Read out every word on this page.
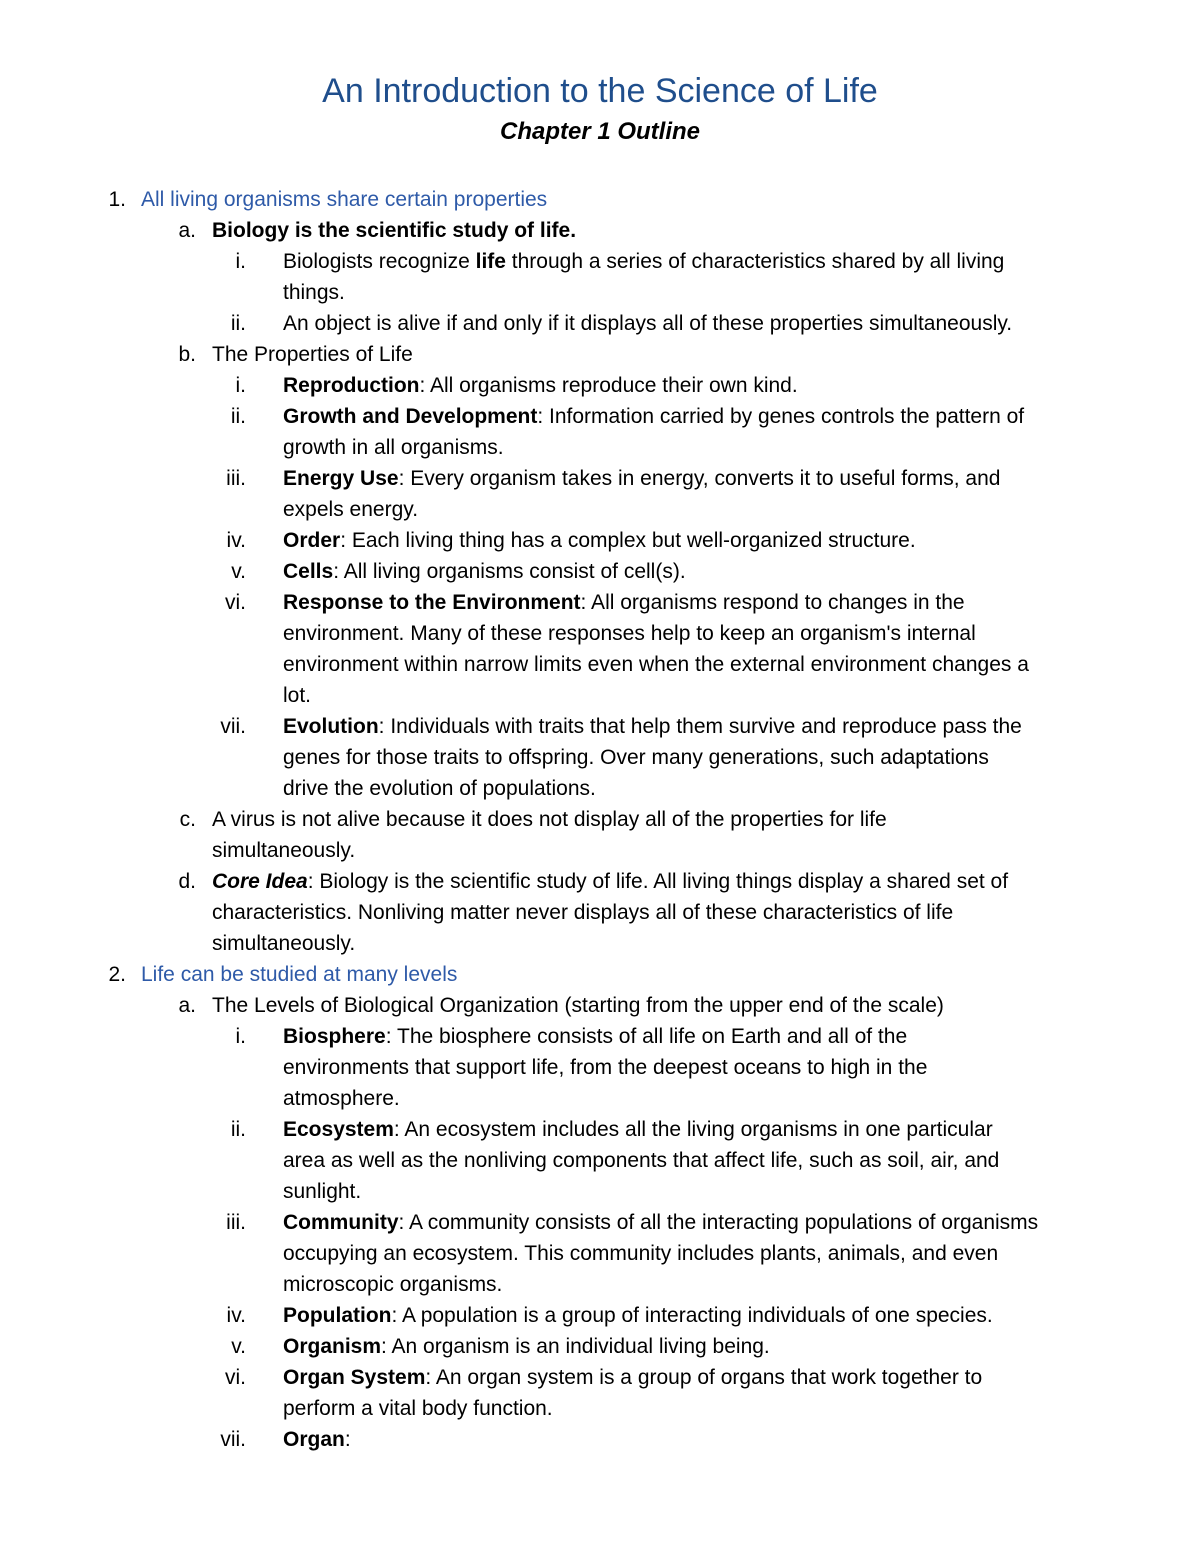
An Introduction to the Science of Life
Chapter 1 Outline
1. All living organisms share certain properties
a. Biology is the scientific study of life.
i. Biologists recognize life through a series of characteristics shared by all living
things.
ii. An object is alive if and only if it displays all of these properties simultaneously.
b. The Properties of Life
i. Reproduction: All organisms reproduce their own kind.
ii. Growth and Development: Information carried by genes controls the pattern of
growth in all organisms.
iii. Energy Use: Every organism takes in energy, converts it to useful forms, and
expels energy.
iv. Order: Each living thing has a complex but well-organized structure.
v. Cells: All living organisms consist of cell(s).
vi. Response to the Environment: All organisms respond to changes in the
environment. Many of these responses help to keep an organism's internal
environment within narrow limits even when the external environment changes a
lot.
vii. Evolution: Individuals with traits that help them survive and reproduce pass the
genes for those traits to offspring. Over many generations, such adaptations
drive the evolution of populations.
c. A virus is not alive because it does not display all of the properties for life
simultaneously.
d. Core Idea: Biology is the scientific study of life. All living things display a shared set of
characteristics. Nonliving matter never displays all of these characteristics of life
simultaneously.
2. Life can be studied at many levels
a. The Levels of Biological Organization (starting from the upper end of the scale)
i. Biosphere: The biosphere consists of all life on Earth and all of the
environments that support life, from the deepest oceans to high in the
atmosphere.
ii. Ecosystem: An ecosystem includes all the living organisms in one particular
area as well as the nonliving components that affect life, such as soil, air, and
sunlight.
iii. Community: A community consists of all the interacting populations of organisms
occupying an ecosystem. This community includes plants, animals, and even
microscopic organisms.
iv. Population: A population is a group of interacting individuals of one species.
v. Organism: An organism is an individual living being.
vi. Organ System: An organ system is a group of organs that work together to
perform a vital body function.
vii. Organ:
